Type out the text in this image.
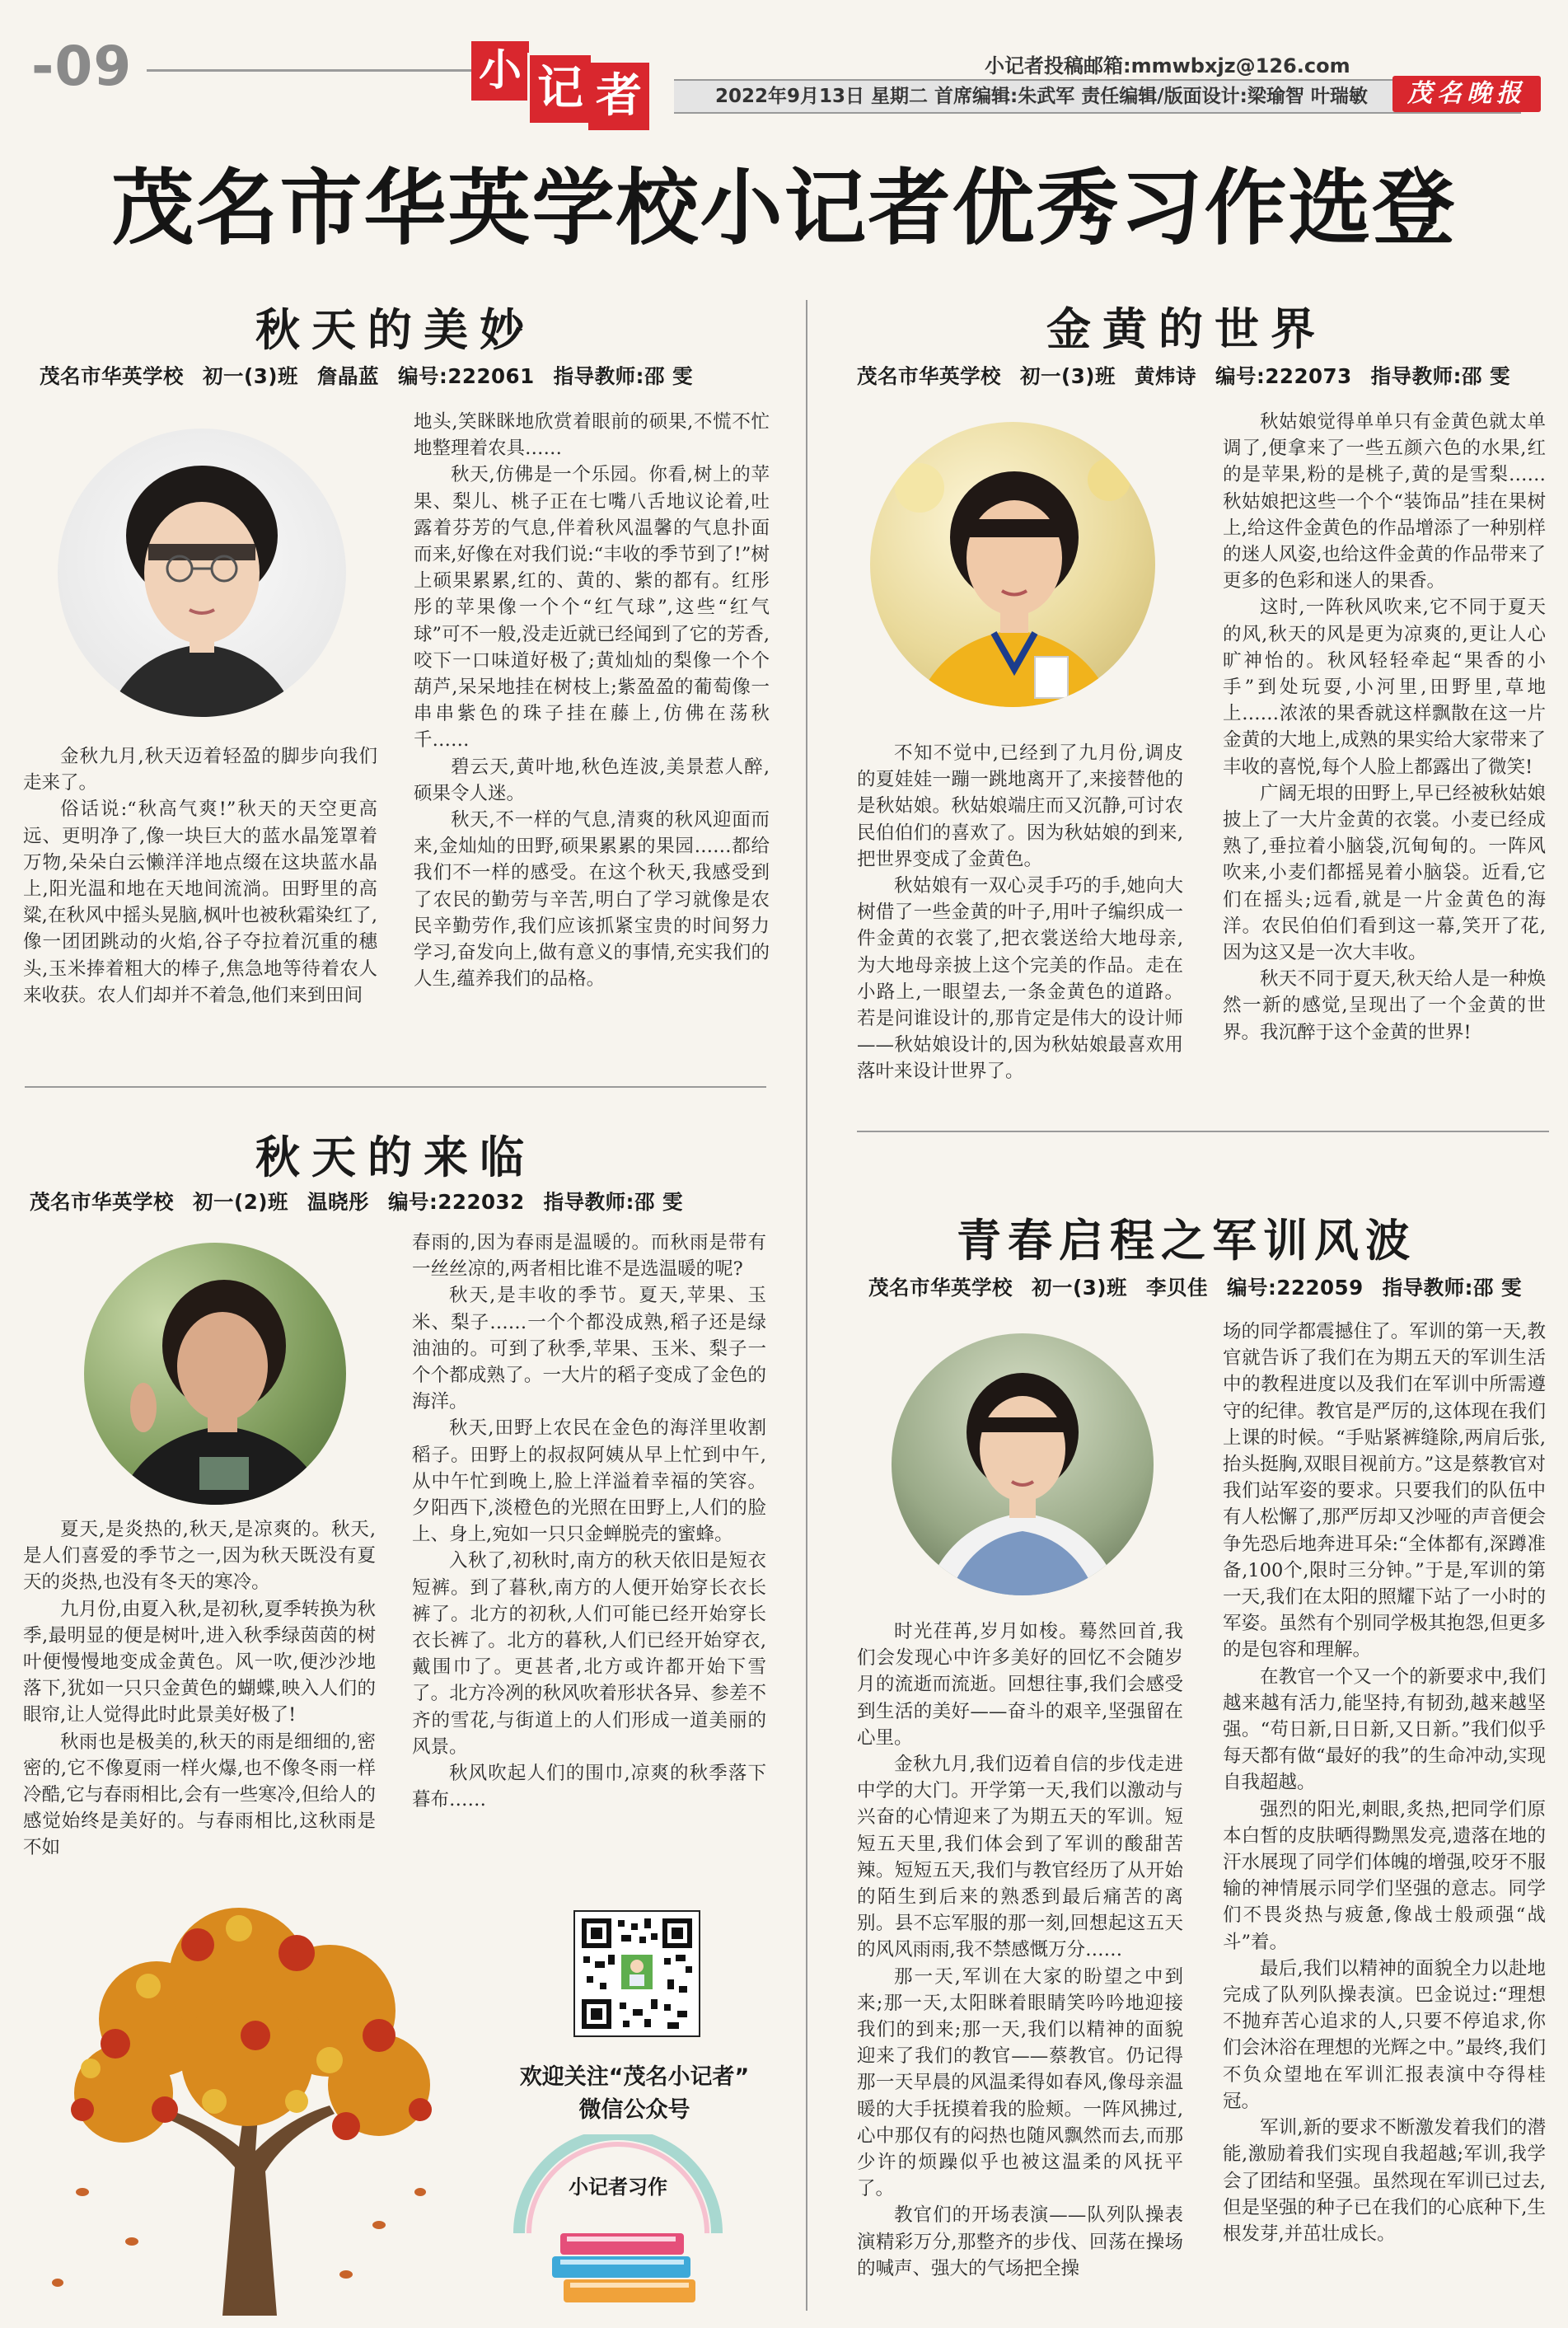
-09	小 记 者
小记者投稿邮箱:mmwbxjz@126.com
2022年9月13日 星期二 首席编辑:朱武军 责任编辑/版面设计:梁瑜智 叶瑞敏	茂名晚报
茂名市华英学校小记者优秀习作选登
秋天的美妙
茂名市华英学校 初一(3)班 詹晶蓝 编号:222061 指导教师:邵 雯

金秋九月,秋天迈着轻盈的脚步向我们走来了。

俗话说:“秋高气爽!”秋天的天空更高远、更明净了,像一块巨大的蓝水晶笼罩着万物,朵朵白云懒洋洋地点缀在这块蓝水晶上,阳光温和地在天地间流淌。田野里的高粱,在秋风中摇头晃脑,枫叶也被秋霜染红了,像一团团跳动的火焰,谷子夺拉着沉重的穗头,玉米捧着粗大的棒子,焦急地等待着农人来收获。农人们却并不着急,他们来到田间

地头,笑眯眯地欣赏着眼前的硕果,不慌不忙地整理着农具……

秋天,仿佛是一个乐园。你看,树上的苹果、梨儿、桃子正在七嘴八舌地议论着,吐露着芬芳的气息,伴着秋风温馨的气息扑面而来,好像在对我们说:“丰收的季节到了!”树上硕果累累,红的、黄的、紫的都有。红彤彤的苹果像一个个“红气球”,这些“红气球”可不一般,没走近就已经闻到了它的芳香,咬下一口味道好极了;黄灿灿的梨像一个个葫芦,呆呆地挂在树枝上;紫盈盈的葡萄像一串串紫色的珠子挂在藤上,仿佛在荡秋千……

碧云天,黄叶地,秋色连波,美景惹人醉,硕果令人迷。

秋天,不一样的气息,清爽的秋风迎面而来,金灿灿的田野,硕果累累的果园……都给我们不一样的感受。在这个秋天,我感受到了农民的勤劳与辛苦,明白了学习就像是农民辛勤劳作,我们应该抓紧宝贵的时间努力学习,奋发向上,做有意义的事情,充实我们的人生,蕴养我们的品格。

秋天的来临
茂名市华英学校 初一(2)班 温晓彤 编号:222032 指导教师:邵 雯

夏天,是炎热的,秋天,是凉爽的。秋天,是人们喜爱的季节之一,因为秋天既没有夏天的炎热,也没有冬天的寒冷。

九月份,由夏入秋,是初秋,夏季转换为秋季,最明显的便是树叶,进入秋季绿茵茵的树叶便慢慢地变成金黄色。风一吹,便沙沙地落下,犹如一只只金黄色的蝴蝶,映入人们的眼帘,让人觉得此时此景美好极了!

秋雨也是极美的,秋天的雨是细细的,密密的,它不像夏雨一样火爆,也不像冬雨一样冷酷,它与春雨相比,会有一些寒冷,但给人的感觉始终是美好的。与春雨相比,这秋雨是不如

春雨的,因为春雨是温暖的。而秋雨是带有一丝丝凉的,两者相比谁不是选温暖的呢?

秋天,是丰收的季节。夏天,苹果、玉米、梨子……一个个都没成熟,稻子还是绿油油的。可到了秋季,苹果、玉米、梨子一个个都成熟了。一大片的稻子变成了金色的海洋。

秋天,田野上农民在金色的海洋里收割稻子。田野上的叔叔阿姨从早上忙到中午,从中午忙到晚上,脸上洋溢着幸福的笑容。夕阳西下,淡橙色的光照在田野上,人们的脸上、身上,宛如一只只金蝉脱壳的蜜蜂。

入秋了,初秋时,南方的秋天依旧是短衣短裤。到了暮秋,南方的人便开始穿长衣长裤了。北方的初秋,人们可能已经开始穿长衣长裤了。北方的暮秋,人们已经开始穿衣,戴围巾了。更甚者,北方或许都开始下雪了。北方冷冽的秋风吹着形状各异、参差不齐的雪花,与街道上的人们形成一道美丽的风景。

秋风吹起人们的围巾,凉爽的秋季落下暮布……

欢迎关注“茂名小记者”
微信公众号
小记者习作
金黄的世界
茂名市华英学校 初一(3)班 黄炜诗 编号:222073 指导教师:邵 雯

不知不觉中,已经到了九月份,调皮的夏娃娃一蹦一跳地离开了,来接替他的是秋姑娘。秋姑娘端庄而又沉静,可讨农民伯伯们的喜欢了。因为秋姑娘的到来,把世界变成了金黄色。

秋姑娘有一双心灵手巧的手,她向大树借了一些金黄的叶子,用叶子编织成一件金黄的衣裳了,把衣裳送给大地母亲,为大地母亲披上这个完美的作品。走在小路上,一眼望去,一条金黄色的道路。若是问谁设计的,那肯定是伟大的设计师——秋姑娘设计的,因为秋姑娘最喜欢用落叶来设计世界了。

秋姑娘觉得单单只有金黄色就太单调了,便拿来了一些五颜六色的水果,红的是苹果,粉的是桃子,黄的是雪梨……秋姑娘把这些一个个“装饰品”挂在果树上,给这件金黄色的作品增添了一种别样的迷人风姿,也给这件金黄的作品带来了更多的色彩和迷人的果香。

这时,一阵秋风吹来,它不同于夏天的风,秋天的风是更为凉爽的,更让人心旷神怡的。秋风轻轻牵起“果香的小手”到处玩耍,小河里,田野里,草地上……浓浓的果香就这样飘散在这一片金黄的大地上,成熟的果实给大家带来了丰收的喜悦,每个人脸上都露出了微笑!

广阔无垠的田野上,早已经被秋姑娘披上了一大片金黄的衣裳。小麦已经成熟了,垂拉着小脑袋,沉甸甸的。一阵风吹来,小麦们都摇晃着小脑袋。近看,它们在摇头;远看,就是一片金黄色的海洋。农民伯伯们看到这一幕,笑开了花,因为这又是一次大丰收。

秋天不同于夏天,秋天给人是一种焕然一新的感觉,呈现出了一个金黄的世界。我沉醉于这个金黄的世界!

青春启程之军训风波
茂名市华英学校 初一(3)班 李贝佳 编号:222059 指导教师:邵 雯

时光荏苒,岁月如梭。蓦然回首,我们会发现心中许多美好的回忆不会随岁月的流逝而流逝。回想往事,我们会感受到生活的美好——奋斗的艰辛,坚强留在心里。

金秋九月,我们迈着自信的步伐走进中学的大门。开学第一天,我们以激动与兴奋的心情迎来了为期五天的军训。短短五天里,我们体会到了军训的酸甜苦辣。短短五天,我们与教官经历了从开始的陌生到后来的熟悉到最后痛苦的离别。县不忘军服的那一刻,回想起这五天的风风雨雨,我不禁感慨万分……

那一天,军训在大家的盼望之中到来;那一天,太阳眯着眼睛笑吟吟地迎接我们的到来;那一天,我们以精神的面貌迎来了我们的教官——蔡教官。仍记得那一天早晨的风温柔得如春风,像母亲温暖的大手抚摸着我的脸颊。一阵风拂过,心中那仅有的闷热也随风飘然而去,而那少许的烦躁似乎也被这温柔的风抚平了。

教官们的开场表演——队列队操表演精彩万分,那整齐的步伐、回荡在操场的喊声、强大的气场把全操

场的同学都震撼住了。军训的第一天,教官就告诉了我们在为期五天的军训生活中的教程进度以及我们在军训中所需遵守的纪律。教官是严厉的,这体现在我们上课的时候。“手贴紧裤缝除,两肩后张,抬头挺胸,双眼目视前方。”这是蔡教官对我们站军姿的要求。只要我们的队伍中有人松懈了,那严厉却又沙哑的声音便会争先恐后地奔进耳朵:“全体都有,深蹲准备,100个,限时三分钟。”于是,军训的第一天,我们在太阳的照耀下站了一小时的军姿。虽然有个别同学极其抱怨,但更多的是包容和理解。

在教官一个又一个的新要求中,我们越来越有活力,能坚持,有韧劲,越来越坚强。“苟日新,日日新,又日新。”我们似乎每天都有做“最好的我”的生命冲动,实现自我超越。

强烈的阳光,刺眼,炙热,把同学们原本白皙的皮肤晒得黝黑发亮,遗落在地的汗水展现了同学们体魄的增强,咬牙不服输的神情展示同学们坚强的意志。同学们不畏炎热与疲惫,像战士般顽强“战斗”着。

最后,我们以精神的面貌全力以赴地完成了队列队操表演。巴金说过:“理想不抛弃苦心追求的人,只要不停追求,你们会沐浴在理想的光辉之中。”最终,我们不负众望地在军训汇报表演中夺得桂冠。

军训,新的要求不断激发着我们的潜能,激励着我们实现自我超越;军训,我学会了团结和坚强。虽然现在军训已过去,但是坚强的种子已在我们的心底种下,生根发芽,并茁壮成长。
